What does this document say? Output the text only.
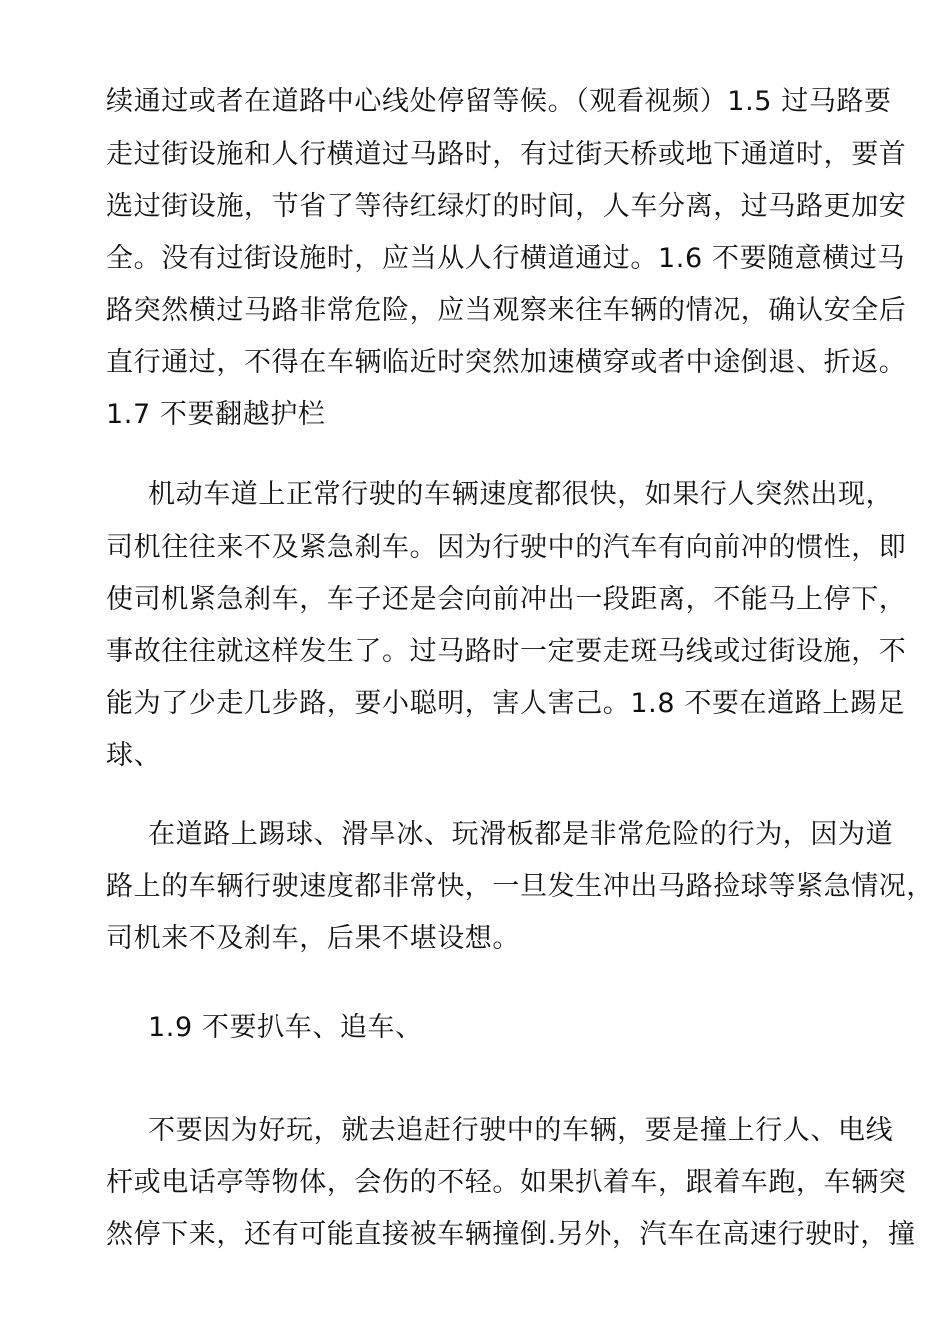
续通过或者在道路中心线处停留等候。（观看视频）1.5 过马路要
走过街设施和人行横道过马路时，有过街天桥或地下通道时，要首
选过街设施，节省了等待红绿灯的时间，人车分离，过马路更加安
全。没有过街设施时，应当从人行横道通过。1.6 不要随意横过马
路突然横过马路非常危险，应当观察来往车辆的情况，确认安全后
直行通过，不得在车辆临近时突然加速横穿或者中途倒退、折返。
1.7 不要翻越护栏
机动车道上正常行驶的车辆速度都很快，如果行人突然出现，
司机往往来不及紧急刹车。因为行驶中的汽车有向前冲的惯性，即
使司机紧急刹车，车子还是会向前冲出一段距离，不能马上停下，
事故往往就这样发生了。过马路时一定要走斑马线或过街设施，不
能为了少走几步路，要小聪明，害人害己。1.8 不要在道路上踢足
球、
在道路上踢球、滑旱冰、玩滑板都是非常危险的行为，因为道
路上的车辆行驶速度都非常快，一旦发生冲出马路捡球等紧急情况，
司机来不及刹车，后果不堪设想。
1.9 不要扒车、追车、
不要因为好玩，就去追赶行驶中的车辆，要是撞上行人、电线
杆或电话亭等物体，会伤的不轻。如果扒着车，跟着车跑，车辆突
然停下来，还有可能直接被车辆撞倒.另外，汽车在高速行驶时，撞
